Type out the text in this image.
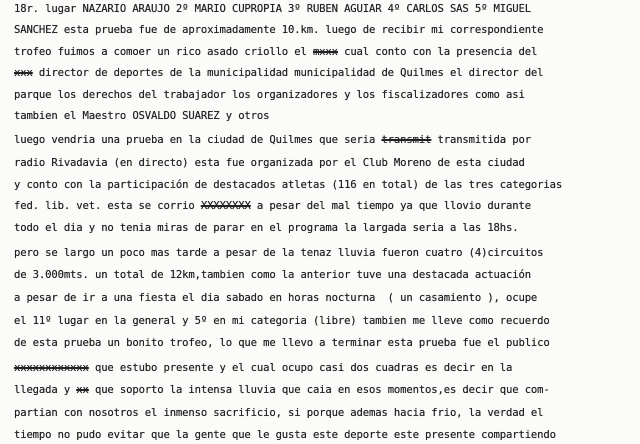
18r. lugar NAZARIO ARAUJO 2º MARIO CUPROPIA 3º RUBEN AGUIAR 4º CARLOS SAS 5º MIGUEL
SANCHEZ esta prueba fue de aproximadamente 10.km. luego de recibir mi correspondiente
trofeo fuimos a comoer un rico asado criollo el mxxx cual conto con la presencia del
xxx director de deportes de la municipalidad municipalidad de Quilmes el director del
parque los derechos del trabajador los organizadores y los fiscalizadores como asi
tambien el Maestro OSVALDO SUAREZ y otros
luego vendria una prueba en la ciudad de Quilmes que seria transmit transmitida por
radio Rivadavia (en directo) esta fue organizada por el Club Moreno de esta ciudad
y conto con la participación de destacados atletas (116 en total) de las tres categorias
fed. lib. vet. esta se corrio XXXXXXXX a pesar del mal tiempo ya que llovio durante
todo el dia y no tenia miras de parar en el programa la largada seria a las 18hs.
pero se largo un poco mas tarde a pesar de la tenaz lluvia fueron cuatro (4)circuitos
de 3.000mts. un total de 12km,tambien como la anterior tuve una destacada actuación
a pesar de ir a una fiesta el dia sabado en horas nocturna  ( un casamiento ), ocupe
el 11º lugar en la general y 5º en mi categoria (libre) tambien me lleve como recuerdo
de esta prueba un bonito trofeo, lo que me llevo a terminar esta prueba fue el publico
xxxxxxxxxxxx que estubo presente y el cual ocupo casi dos cuadras es decir en la
llegada y xx que soporto la intensa lluvia que caia en esos momentos,es decir que com-
partian con nosotros el inmenso sacrificio, si porque ademas hacia frio, la verdad el
tiempo no pudo evitar que la gente que le gusta este deporte este presente compartiendo
